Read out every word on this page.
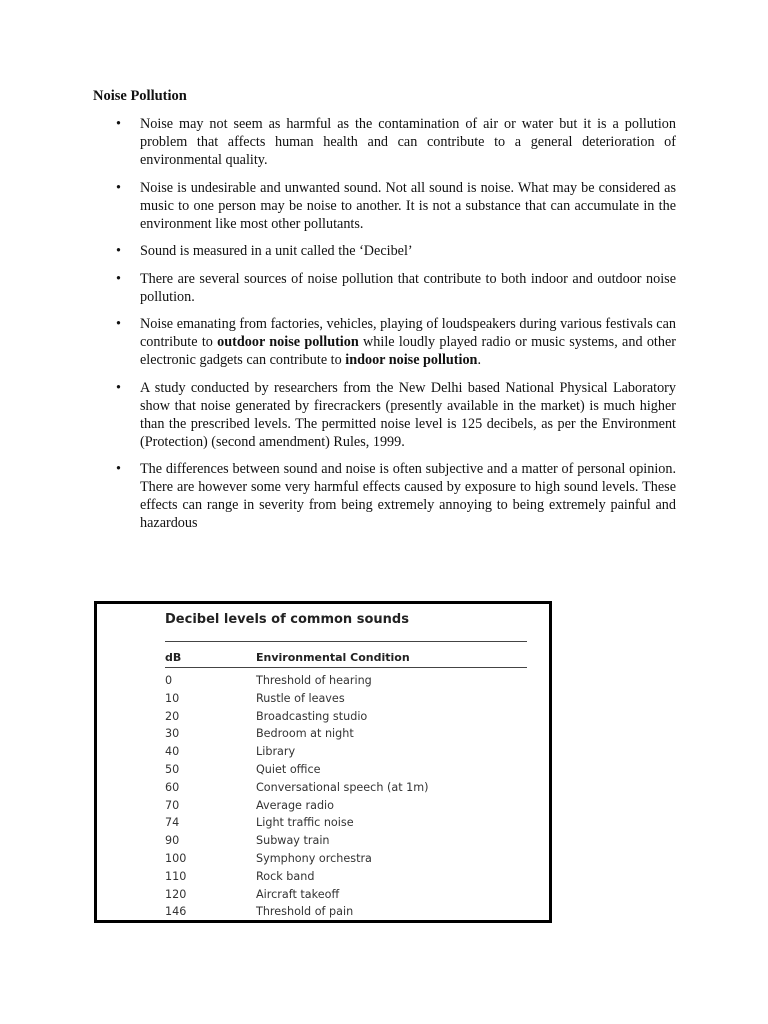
Noise Pollution
• Noise may not seem as harmful as the contamination of air or water but it is a pollution problem that affects human health and can contribute to a general deterioration of environmental quality.
• Noise is undesirable and unwanted sound. Not all sound is noise. What may be considered as music to one person may be noise to another. It is not a substance that can accumulate in the environment like most other pollutants.
• Sound is measured in a unit called the ‘Decibel’
• There are several sources of noise pollution that contribute to both indoor and outdoor noise pollution.
• Noise emanating from factories, vehicles, playing of loudspeakers during various festivals can contribute to outdoor noise pollution while loudly played radio or music systems, and other electronic gadgets can contribute to indoor noise pollution.
• A study conducted by researchers from the New Delhi based National Physical Laboratory show that noise generated by firecrackers (presently available in the market) is much higher than the prescribed levels. The permitted noise level is 125 decibels, as per the Environment (Protection) (second amendment) Rules, 1999.
• The differences between sound and noise is often subjective and a matter of personal opinion. There are however some very harmful effects caused by exposure to high sound levels. These effects can range in severity from being extremely annoying to being extremely painful and hazardous
Decibel levels of common sounds
dB	Environmental Condition
0	Threshold of hearing
10	Rustle of leaves
20	Broadcasting studio
30	Bedroom at night
40	Library
50	Quiet office
60	Conversational speech (at 1m)
70	Average radio
74	Light traffic noise
90	Subway train
100	Symphony orchestra
110	Rock band
120	Aircraft takeoff
146	Threshold of pain
